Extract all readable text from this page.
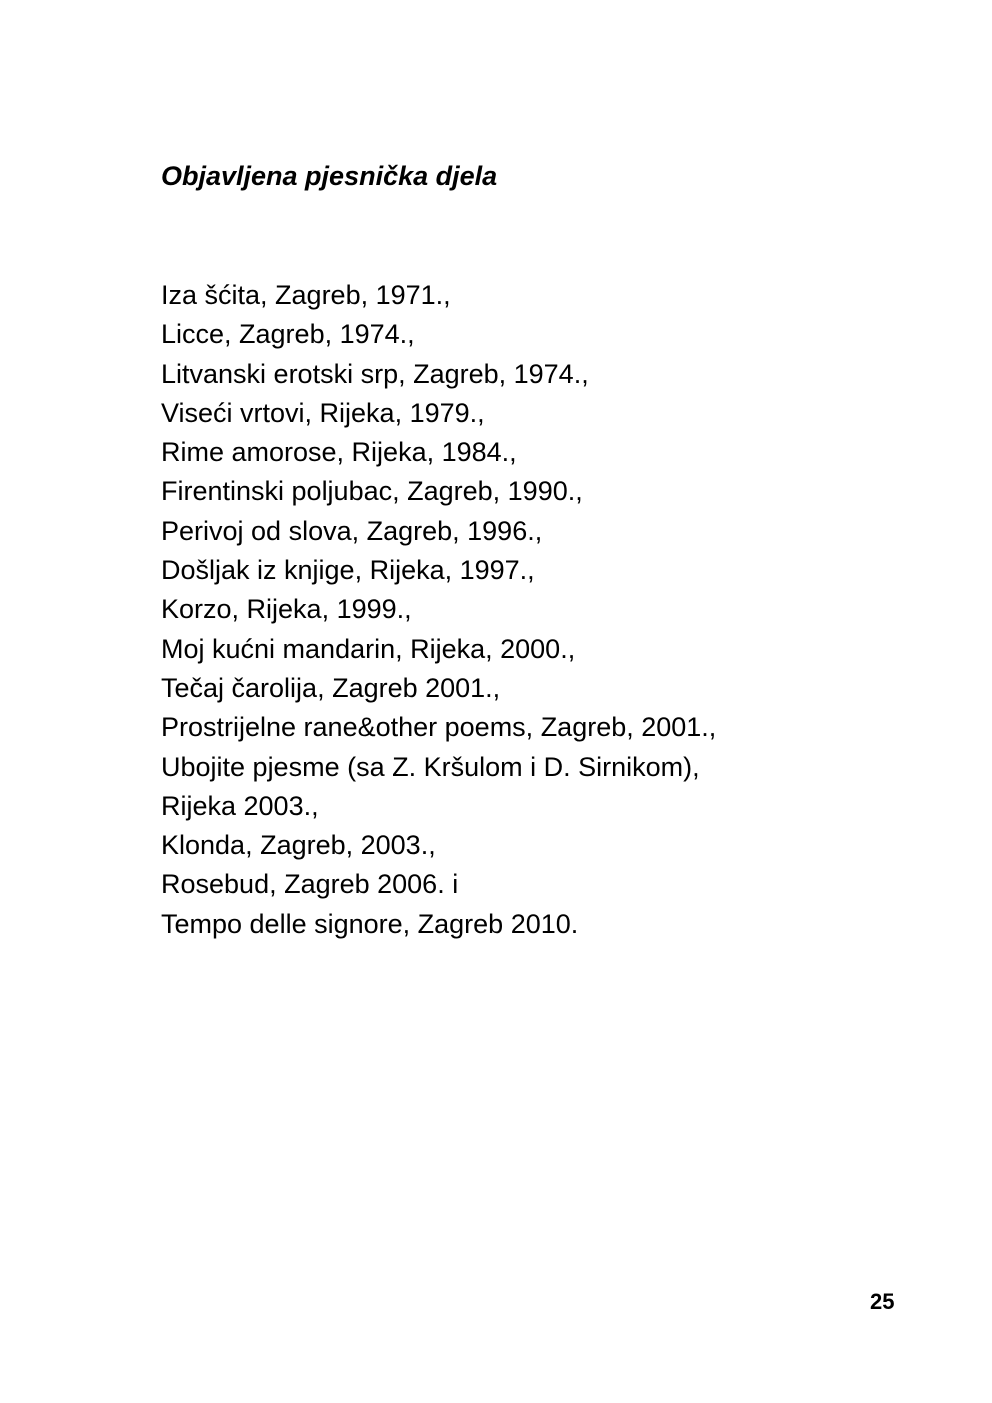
Objavljena pjesnička djela
Iza šćita, Zagreb, 1971.,
Licce, Zagreb, 1974.,
Litvanski erotski srp, Zagreb, 1974.,
Viseći vrtovi, Rijeka, 1979.,
Rime amorose, Rijeka, 1984.,
Firentinski poljubac, Zagreb, 1990.,
Perivoj od slova, Zagreb, 1996.,
Došljak iz knjige, Rijeka, 1997.,
Korzo, Rijeka, 1999.,
Moj kućni mandarin, Rijeka, 2000.,
Tečaj čarolija, Zagreb 2001.,
Prostrijelne rane&other poems, Zagreb, 2001.,
Ubojite pjesme (sa Z. Kršulom i D. Sirnikom),
Rijeka 2003.,
Klonda, Zagreb, 2003.,
Rosebud, Zagreb 2006. i
Tempo delle signore, Zagreb 2010.
25
